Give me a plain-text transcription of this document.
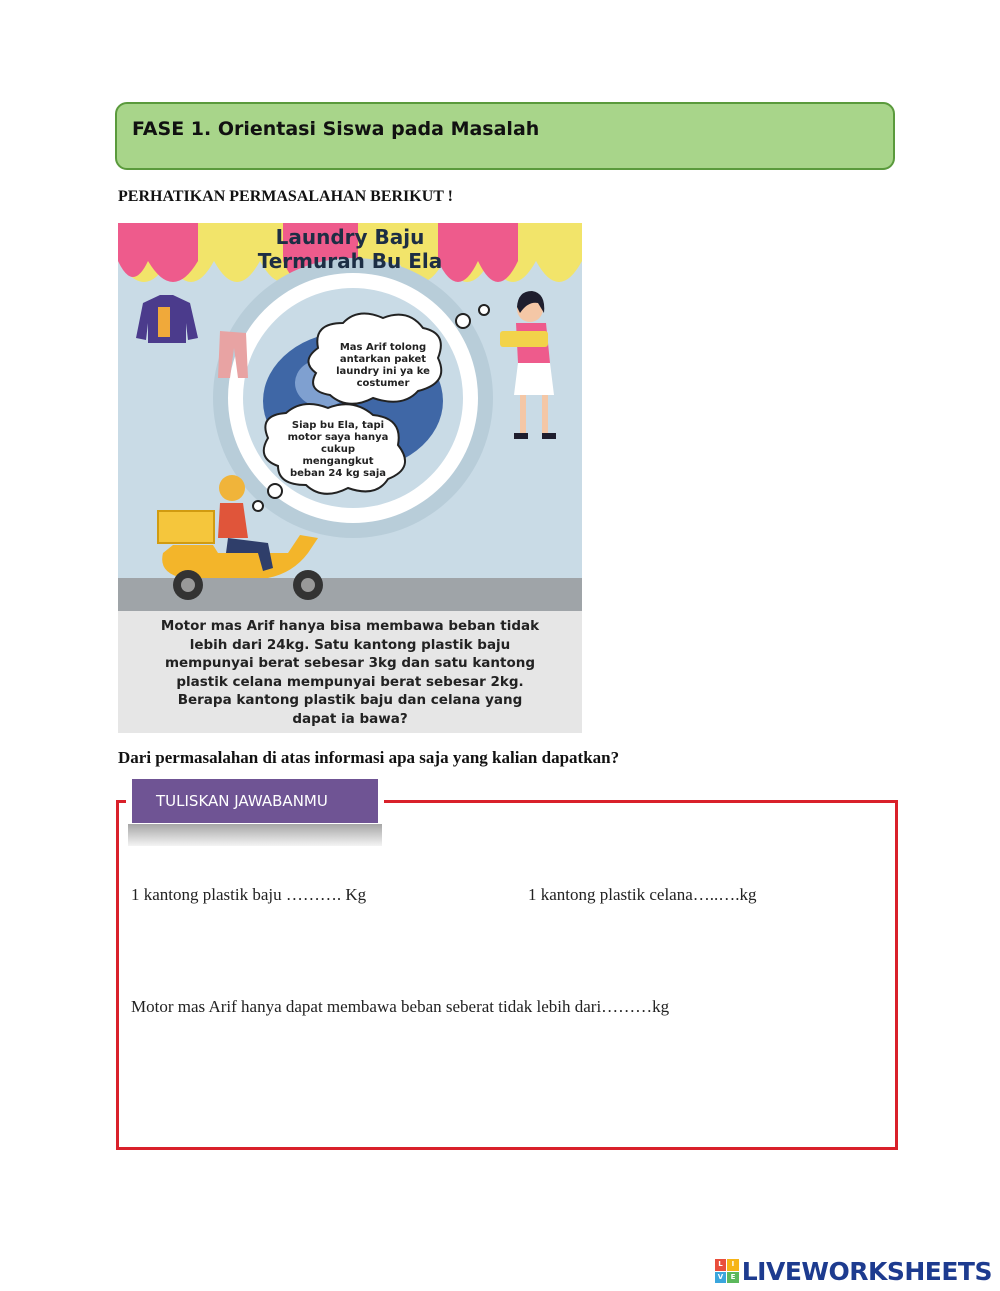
FASE 1. Orientasi Siswa pada Masalah
PERHATIKAN PERMASALAHAN BERIKUT !
Laundry Baju
Termurah Bu Ela
Mas Arif tolong
antarkan paket
laundry ini ya ke
costumer
Siap bu Ela, tapi
motor saya hanya
cukup
mengangkut
beban 24 kg saja
Motor mas Arif hanya bisa membawa beban tidak
lebih dari 24kg. Satu kantong plastik baju
mempunyai berat sebesar 3kg dan satu kantong
plastik celana mempunyai berat sebesar 2kg.
Berapa kantong plastik baju dan celana yang
dapat ia bawa?
Dari permasalahan di atas informasi apa saja yang kalian dapatkan?
TULISKAN JAWABANMU
1 kantong plastik baju ………. Kg	1 kantong plastik celana…..….kg
Motor mas Arif hanya dapat membawa beban seberat tidak lebih dari………kg
L	I
V	E LIVEWORKSHEETS
